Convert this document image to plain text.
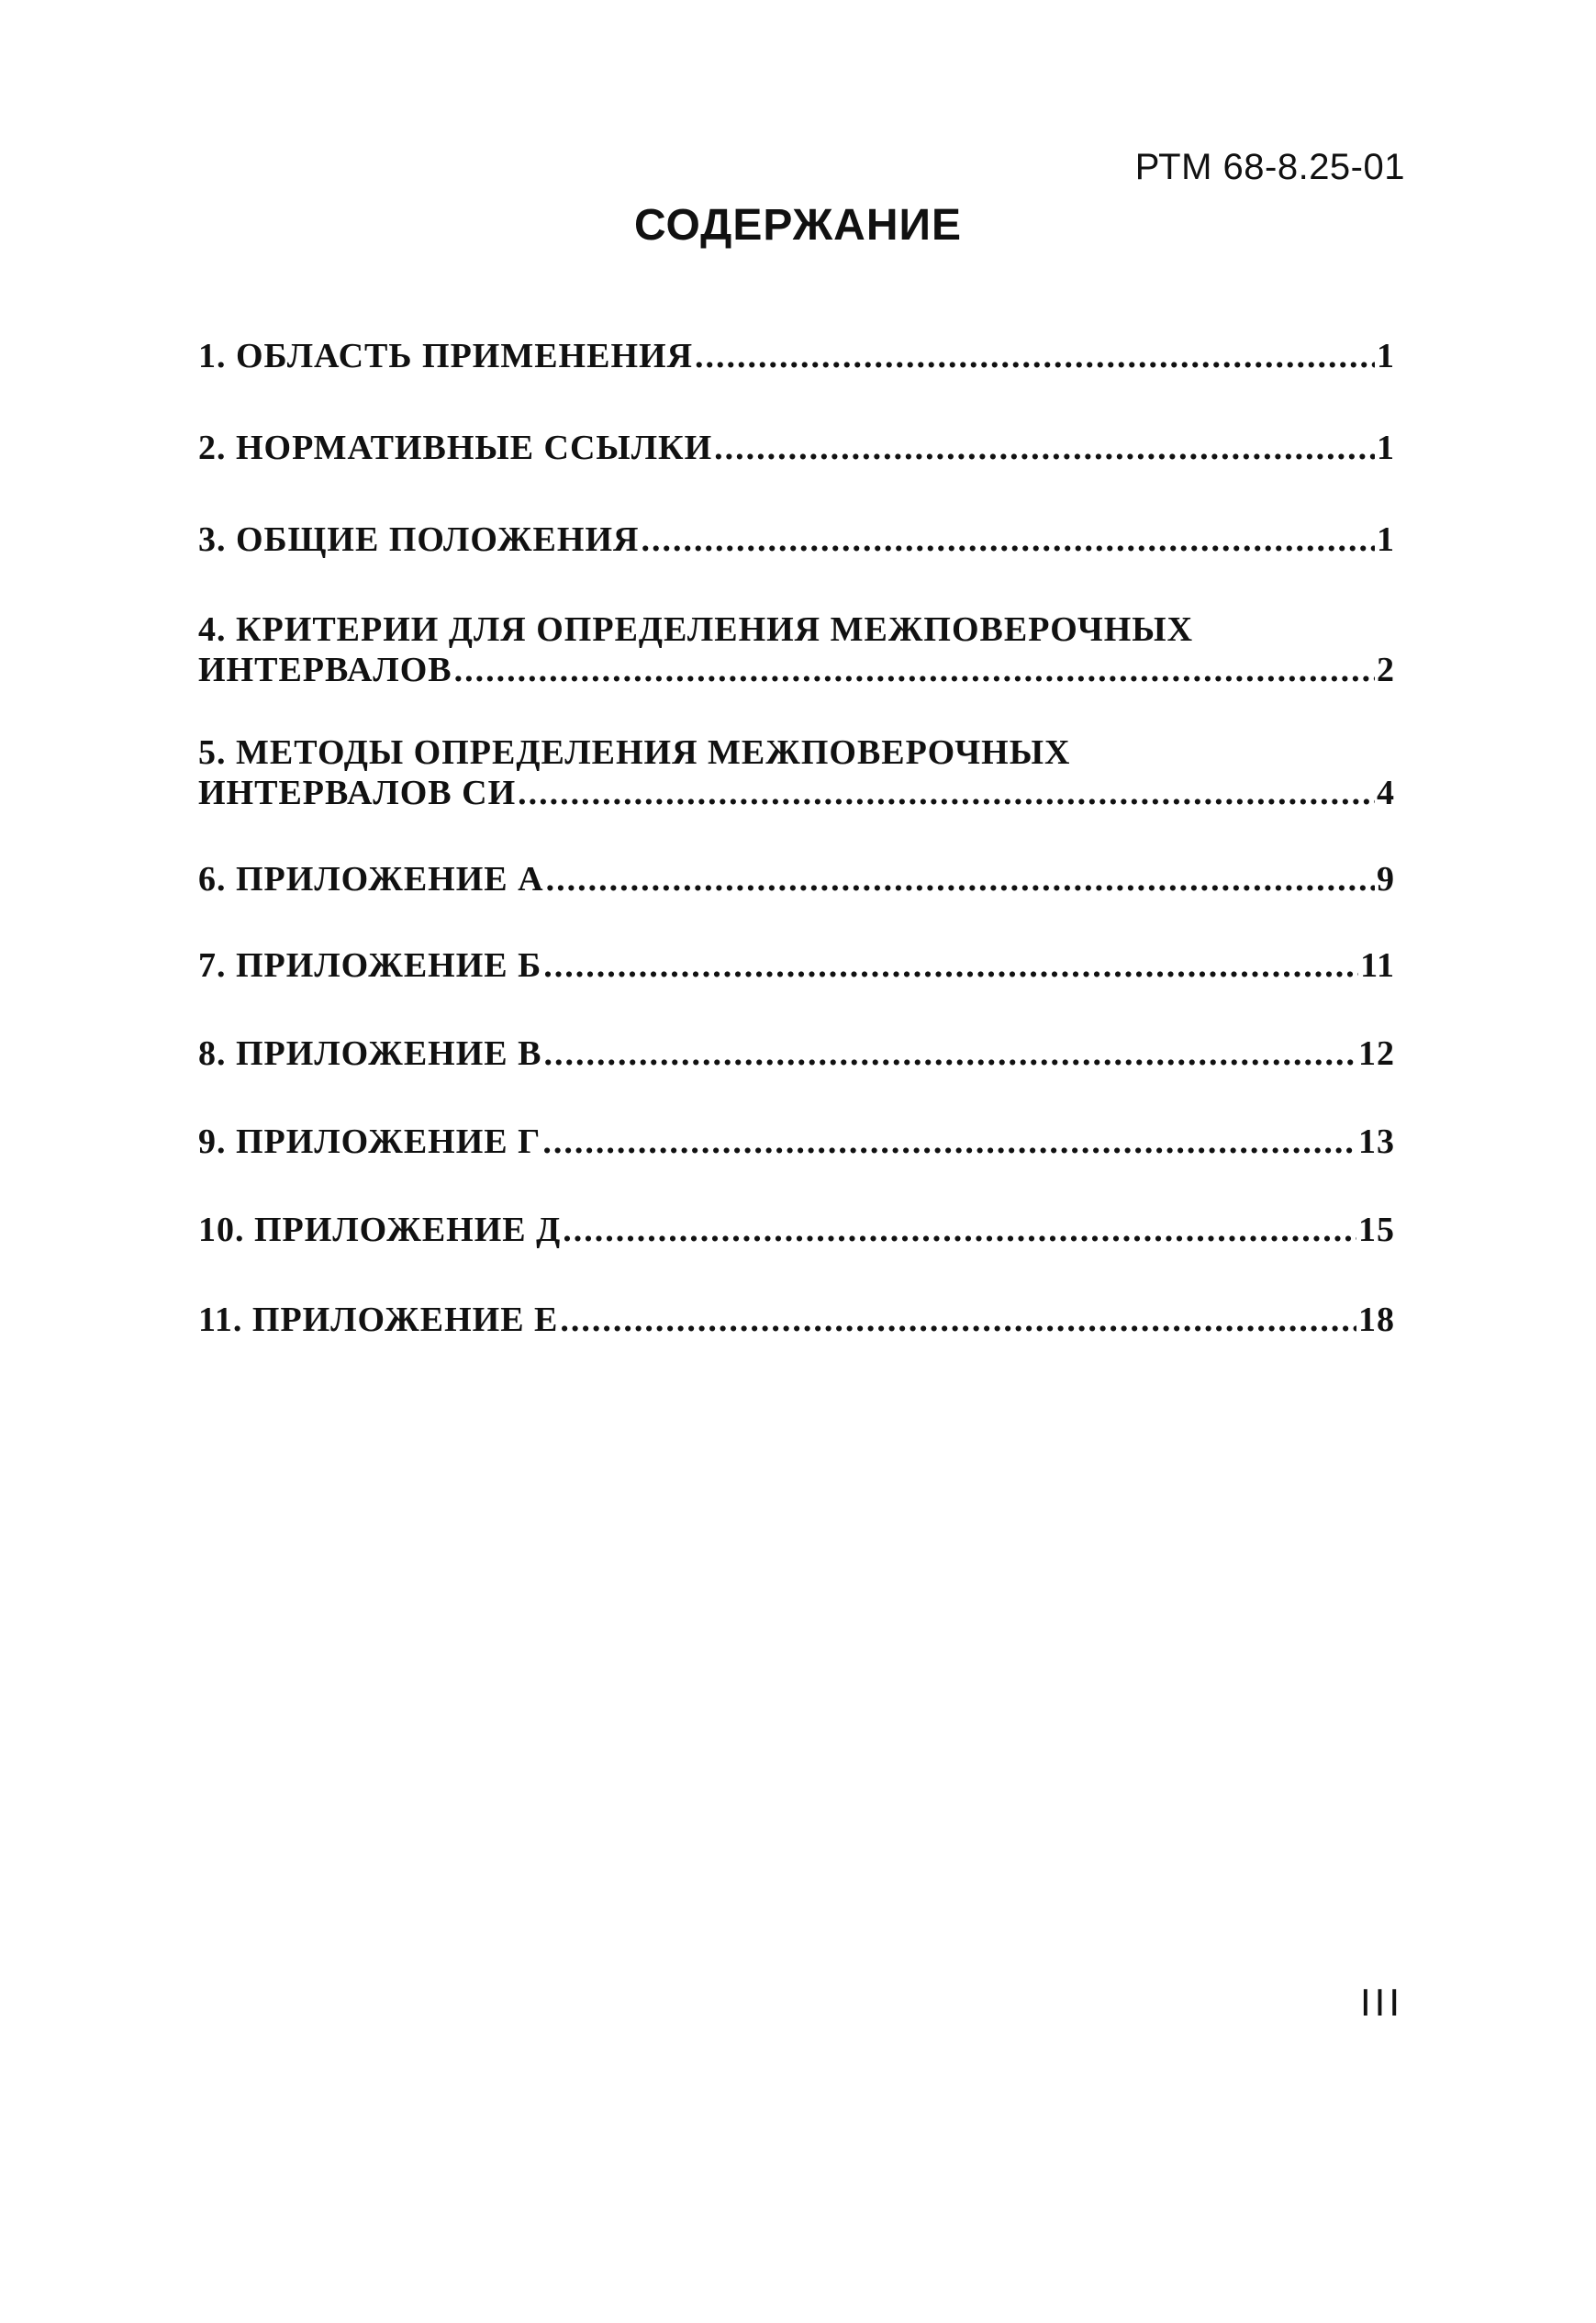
РТМ 68-8.25-01
СОДЕРЖАНИЕ
1. ОБЛАСТЬ ПРИМЕНЕНИЯ .....	1
2. НОРМАТИВНЫЕ ССЫЛКИ .....	1
3. ОБЩИЕ ПОЛОЖЕНИЯ .....	1
4. КРИТЕРИИ ДЛЯ ОПРЕДЕЛЕНИЯ МЕЖПОВЕРОЧНЫХ
ИНТЕРВАЛОВ .....	2
5. МЕТОДЫ ОПРЕДЕЛЕНИЯ МЕЖПОВЕРОЧНЫХ
ИНТЕРВАЛОВ СИ .....	4
6. ПРИЛОЖЕНИЕ А .....	9
7. ПРИЛОЖЕНИЕ Б .....	11
8. ПРИЛОЖЕНИЕ В .....	12
9. ПРИЛОЖЕНИЕ Г .....	13
10. ПРИЛОЖЕНИЕ Д .....	15
11. ПРИЛОЖЕНИЕ Е .....	18
III
